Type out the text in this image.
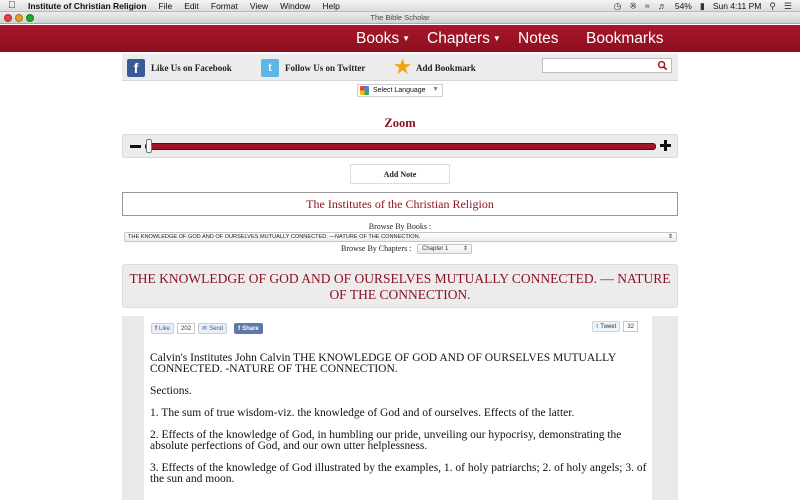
Institute of Christian Religion File Edit Format View Window Help	◷ ※ ≈ ♬ 54% ▮ Sun 4:11 PM ⚲ ☰
The Bible Scholar
Books ▼ Chapters ▼ Notes Bookmarks
f	Like Us on Facebook	t	Follow Us on Twitter ★ Add Bookmark
Select Language ▼
Zoom
Add Note
The Institutes of the Christian Religion
Browse By Books :
THE KNOWLEDGE OF GOD AND OF OURSELVES MUTUALLY CONNECTED. —NATURE OF THE CONNECTION.	⇕
Browse By Chapters :	Chapter 1 ⇕
THE KNOWLEDGE OF GOD AND OF OURSELVES MUTUALLY CONNECTED. — NATURE OF THE CONNECTION.
f Like	202	✉ Send	f Share	t Tweet	32

Calvin's Institutes John Calvin THE KNOWLEDGE OF GOD AND OF OURSELVES MUTUALLY CONNECTED. -NATURE OF THE CONNECTION.

Sections.

1. The sum of true wisdom-viz. the knowledge of God and of ourselves. Effects of the latter.

2. Effects of the knowledge of God, in humbling our pride, unveiling our hypocrisy, demonstrating the absolute perfections of God, and our own utter helplessness.

3. Effects of the knowledge of God illustrated by the examples, 1. of holy patriarchs; 2. of holy angels; 3. of the sun and moon.
